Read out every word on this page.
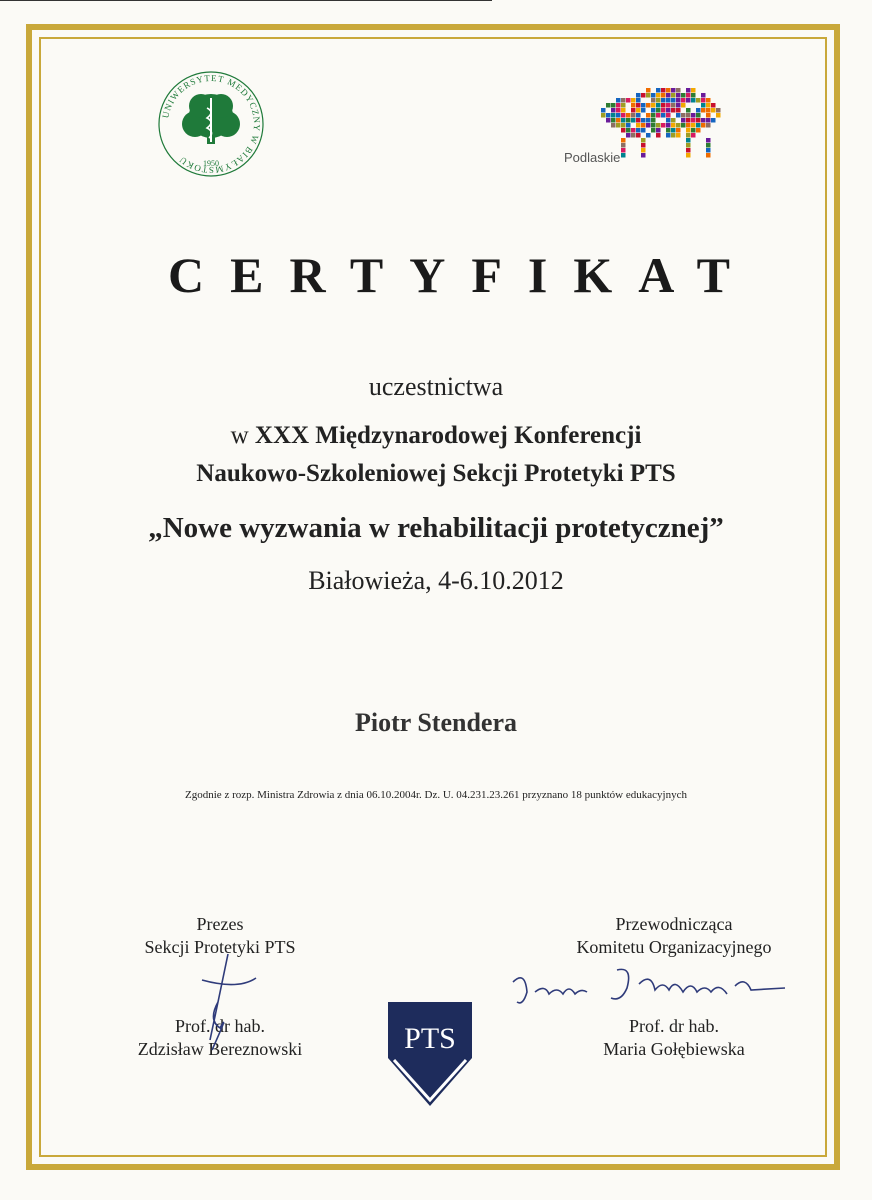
UNIWERSYTET MEDYCZNY W BIAŁYMSTOKU	1950	Podlaskie
CERTYFIKAT
uczestnictwa
w XXX Międzynarodowej Konferencji
Naukowo-Szkoleniowej Sekcji Protetyki PTS
„Nowe wyzwania w rehabilitacji protetycznej”
Białowieża, 4-6.10.2012
Piotr Stendera
Zgodnie z rozp. Ministra Zdrowia z dnia 06.10.2004r. Dz. U. 04.231.23.261 przyznano 18 punktów edukacyjnych
Prezes
Sekcji Protetyki PTS
Prof. dr hab.
Zdzisław Bereznowski
Przewodnicząca
Komitetu Organizacyjnego
Prof. dr hab.
Maria Gołębiewska
PTS
